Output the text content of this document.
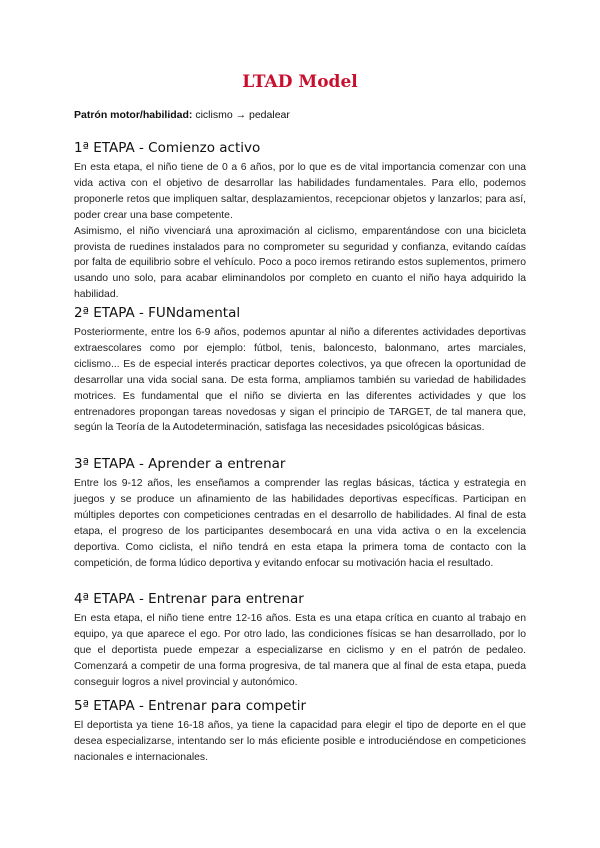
LTAD Model

Patrón motor/habilidad: ciclismo → pedalear

1ª ETAPA - Comienzo activo

En esta etapa, el niño tiene de 0 a 6 años, por lo que es de vital importancia comenzar con una vida activa con el objetivo de desarrollar las habilidades fundamentales. Para ello, podemos proponerle retos que impliquen saltar, desplazamientos, recepcionar objetos y lanzarlos; para así, poder crear una base competente.

Asimismo, el niño vivenciará una aproximación al ciclismo, emparentándose con una bicicleta provista de ruedines instalados para no comprometer su seguridad y confianza, evitando caídas por falta de equilibrio sobre el vehículo. Poco a poco iremos retirando estos suplementos, primero usando uno solo, para acabar eliminandolos por completo en cuanto el niño haya adquirido la habilidad.

2ª ETAPA - FUNdamental

Posteriormente, entre los 6-9 años, podemos apuntar al niño a diferentes actividades deportivas extraescolares como por ejemplo: fútbol, tenis, baloncesto, balonmano, artes marciales, ciclismo... Es de especial interés practicar deportes colectivos, ya que ofrecen la oportunidad de desarrollar una vida social sana. De esta forma, ampliamos también su variedad de habilidades motrices. Es fundamental que el niño se divierta en las diferentes actividades y que los entrenadores propongan tareas novedosas y sigan el principio de TARGET, de tal manera que, según la Teoría de la Autodeterminación, satisfaga las necesidades psicológicas básicas.

3ª ETAPA - Aprender a entrenar

Entre los 9-12 años, les enseñamos a comprender las reglas básicas, táctica y estrategia en juegos y se produce un afinamiento de las habilidades deportivas específicas. Participan en múltiples deportes con competiciones centradas en el desarrollo de habilidades. Al final de esta etapa, el progreso de los participantes desembocará en una vida activa o en la excelencia deportiva. Como ciclista, el niño tendrá en esta etapa la primera toma de contacto con la competición, de forma lúdico deportiva y evitando enfocar su motivación hacia el resultado.

4ª ETAPA - Entrenar para entrenar

En esta etapa, el niño tiene entre 12-16 años. Esta es una etapa crítica en cuanto al trabajo en equipo, ya que aparece el ego. Por otro lado, las condiciones físicas se han desarrollado, por lo que el deportista puede empezar a especializarse en ciclismo y en el patrón de pedaleo. Comenzará a competir de una forma progresiva, de tal manera que al final de esta etapa, pueda conseguir logros a nivel provincial y autonómico.

5ª ETAPA - Entrenar para competir

El deportista ya tiene 16-18 años, ya tiene la capacidad para elegir el tipo de deporte en el que desea especializarse, intentando ser lo más eficiente posible e introduciéndose en competiciones nacionales e internacionales.
